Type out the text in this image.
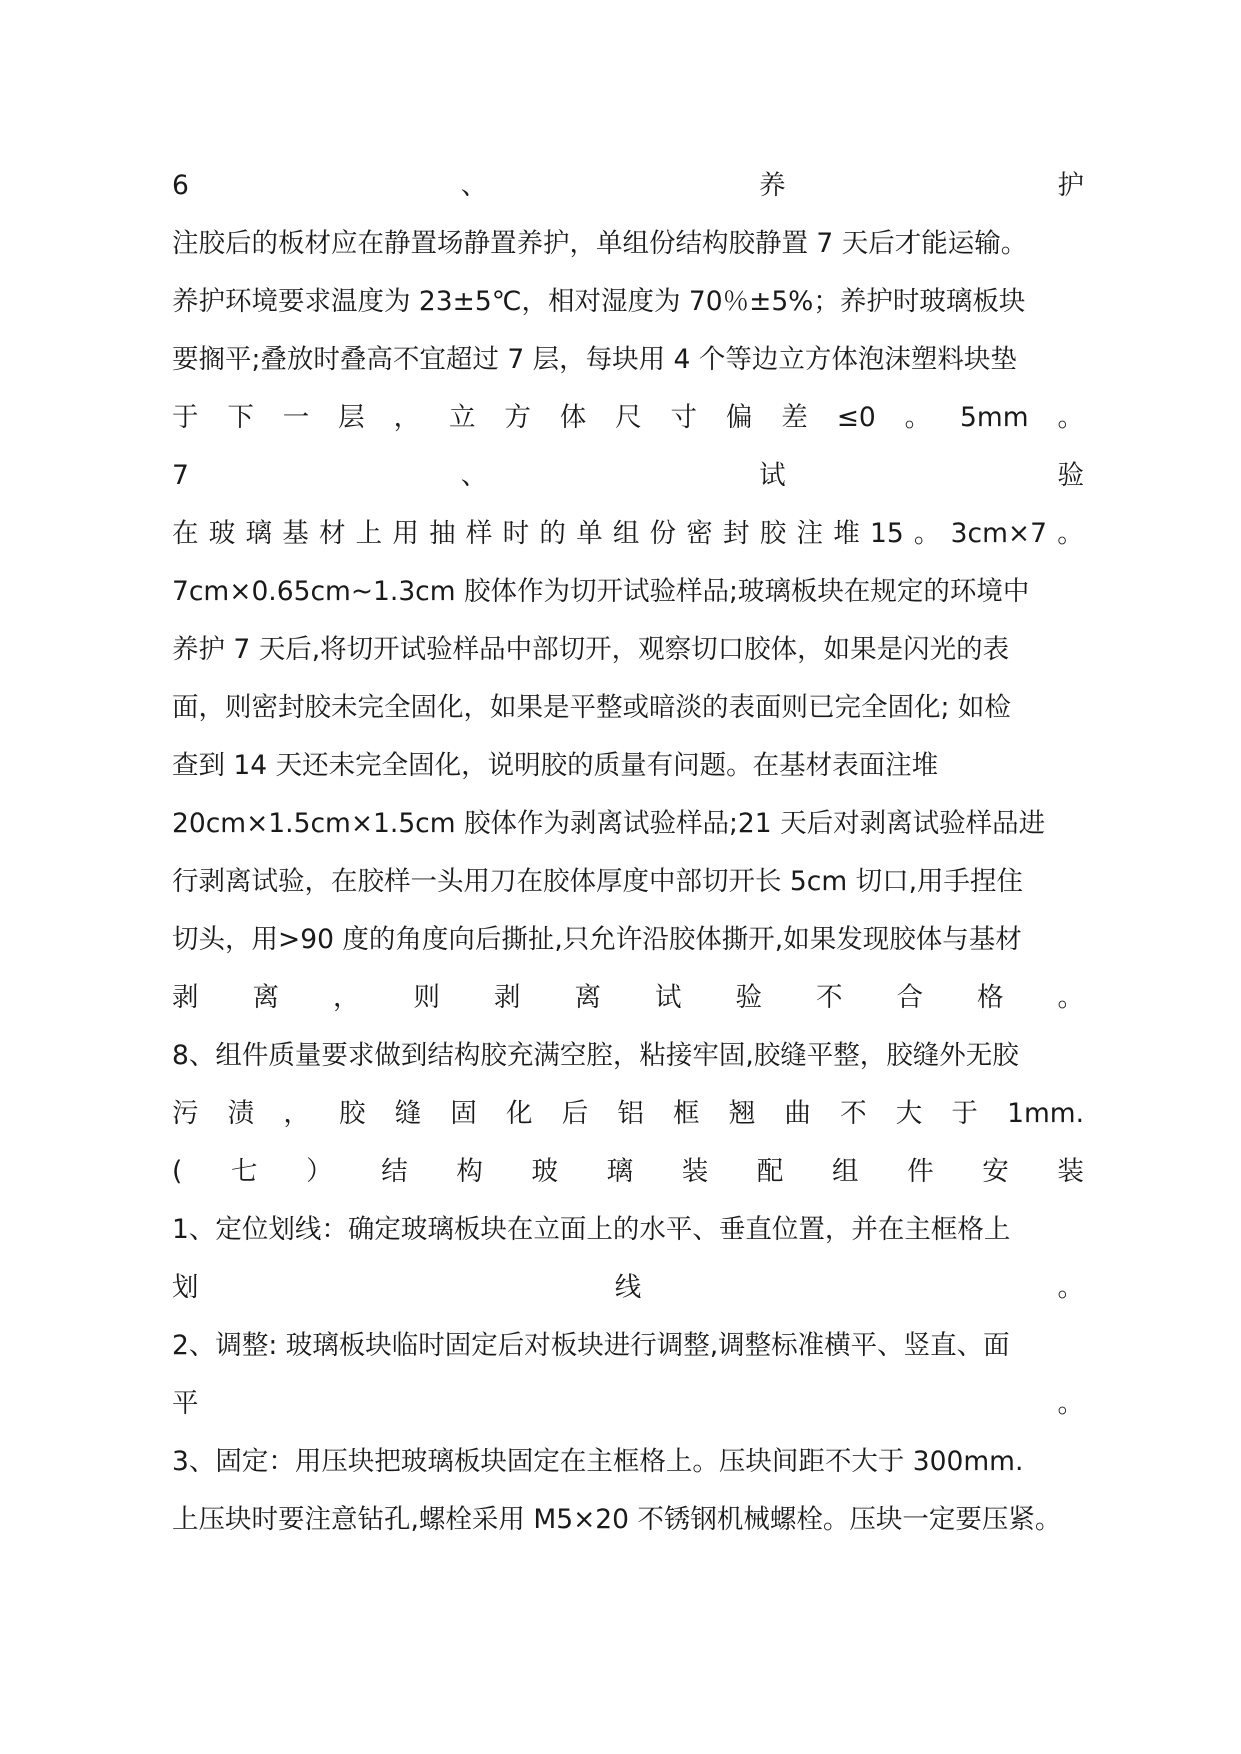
6	、	养	护
注胶后的板材应在静置场静置养护，单组份结构胶静置 7 天后才能运输。
养护环境要求温度为 23±5℃，相对湿度为 70％±5%；养护时玻璃板块
要搁平;叠放时叠高不宜超过 7 层，每块用 4 个等边立方体泡沫塑料块垫
于 下 一 层 ， 立 方 体 尺 寸 偏 差 ≤0 。 5mm 。
7	、	试	验
在 玻 璃 基 材 上 用 抽 样 时 的 单 组 份 密 封 胶 注 堆 15 。 3cm×7 。
7cm×0.65cm~1.3cm 胶体作为切开试验样品;玻璃板块在规定的环境中
养护 7 天后,将切开试验样品中部切开，观察切口胶体，如果是闪光的表
面，则密封胶未完全固化，如果是平整或暗淡的表面则已完全固化; 如检
查到 14 天还未完全固化，说明胶的质量有问题。在基材表面注堆
20cm×1.5cm×1.5cm 胶体作为剥离试验样品;21 天后对剥离试验样品进
行剥离试验，在胶样一头用刀在胶体厚度中部切开长 5cm 切口,用手捏住
切头，用>90 度的角度向后撕扯,只允许沿胶体撕开,如果发现胶体与基材
剥 离 ， 则 剥 离 试 验 不 合 格 。
8、组件质量要求做到结构胶充满空腔，粘接牢固,胶缝平整，胶缝外无胶
污 渍 ， 胶 缝 固 化 后 铝 框 翘 曲 不 大 于 1mm.
( 七 ） 结 构 玻 璃 装 配 组 件 安 装
1、定位划线：确定玻璃板块在立面上的水平、垂直位置，并在主框格上
划	线	。
2、调整: 玻璃板块临时固定后对板块进行调整,调整标准横平、竖直、面
平	。
3、固定：用压块把玻璃板块固定在主框格上。压块间距不大于 300mm.
上压块时要注意钻孔,螺栓采用 M5×20 不锈钢机械螺栓。压块一定要压紧。
